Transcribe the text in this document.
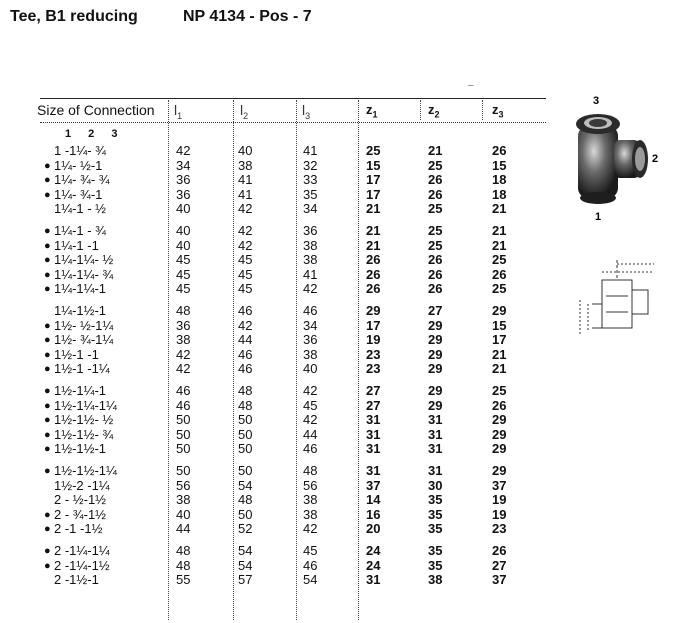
Tee, B1 reducing	NP 4134 - Pos - 7
–
Size of Connection $l_1$	$l_2$	$l_3$	$z_1$	$z_2$	$z_3$
1 2 3
1 -1¼- ¾	42	40	41	25	21	26
● 1¼- ½-1	34	38	32	15	25	15
● 1¼- ¾- ¾	36	41	33	17	26	18
● 1¼- ¾-1	36	41	35	17	26	18
1¼-1 - ½	40	42	34	21	25	21
● 1¼-1 - ¾	40	42	36	21	25	21
● 1¼-1 -1	40	42	38	21	25	21
● 1¼-1¼- ½	45	45	38	26	26	25
● 1¼-1¼- ¾	45	45	41	26	26	26
● 1¼-1¼-1	45	45	42	26	26	25
1¼-1½-1	48	46	46	29	27	29
● 1½- ½-1¼	36	42	34	17	29	15
● 1½- ¾-1¼	38	44	36	19	29	17
● 1½-1 -1	42	46	38	23	29	21
● 1½-1 -1¼	42	46	40	23	29	21
● 1½-1¼-1	46	48	42	27	29	25
● 1½-1¼-1¼	46	48	45	27	29	26
● 1½-1½- ½	50	50	42	31	31	29
● 1½-1½- ¾	50	50	44	31	31	29
● 1½-1½-1	50	50	46	31	31	29
● 1½-1½-1¼	50	50	48	31	31	29
1½-2 -1¼	56	54	56	37	30	37
2 - ½-1½	38	48	38	14	35	19
● 2 - ¾-1½	40	50	38	16	35	19
● 2 -1 -1½	44	52	42	20	35	23
● 2 -1¼-1¼	48	54	45	24	35	26
● 2 -1¼-1½	48	54	46	24	35	27
2 -1½-1	55	57	54	31	38	37
3
2
1
